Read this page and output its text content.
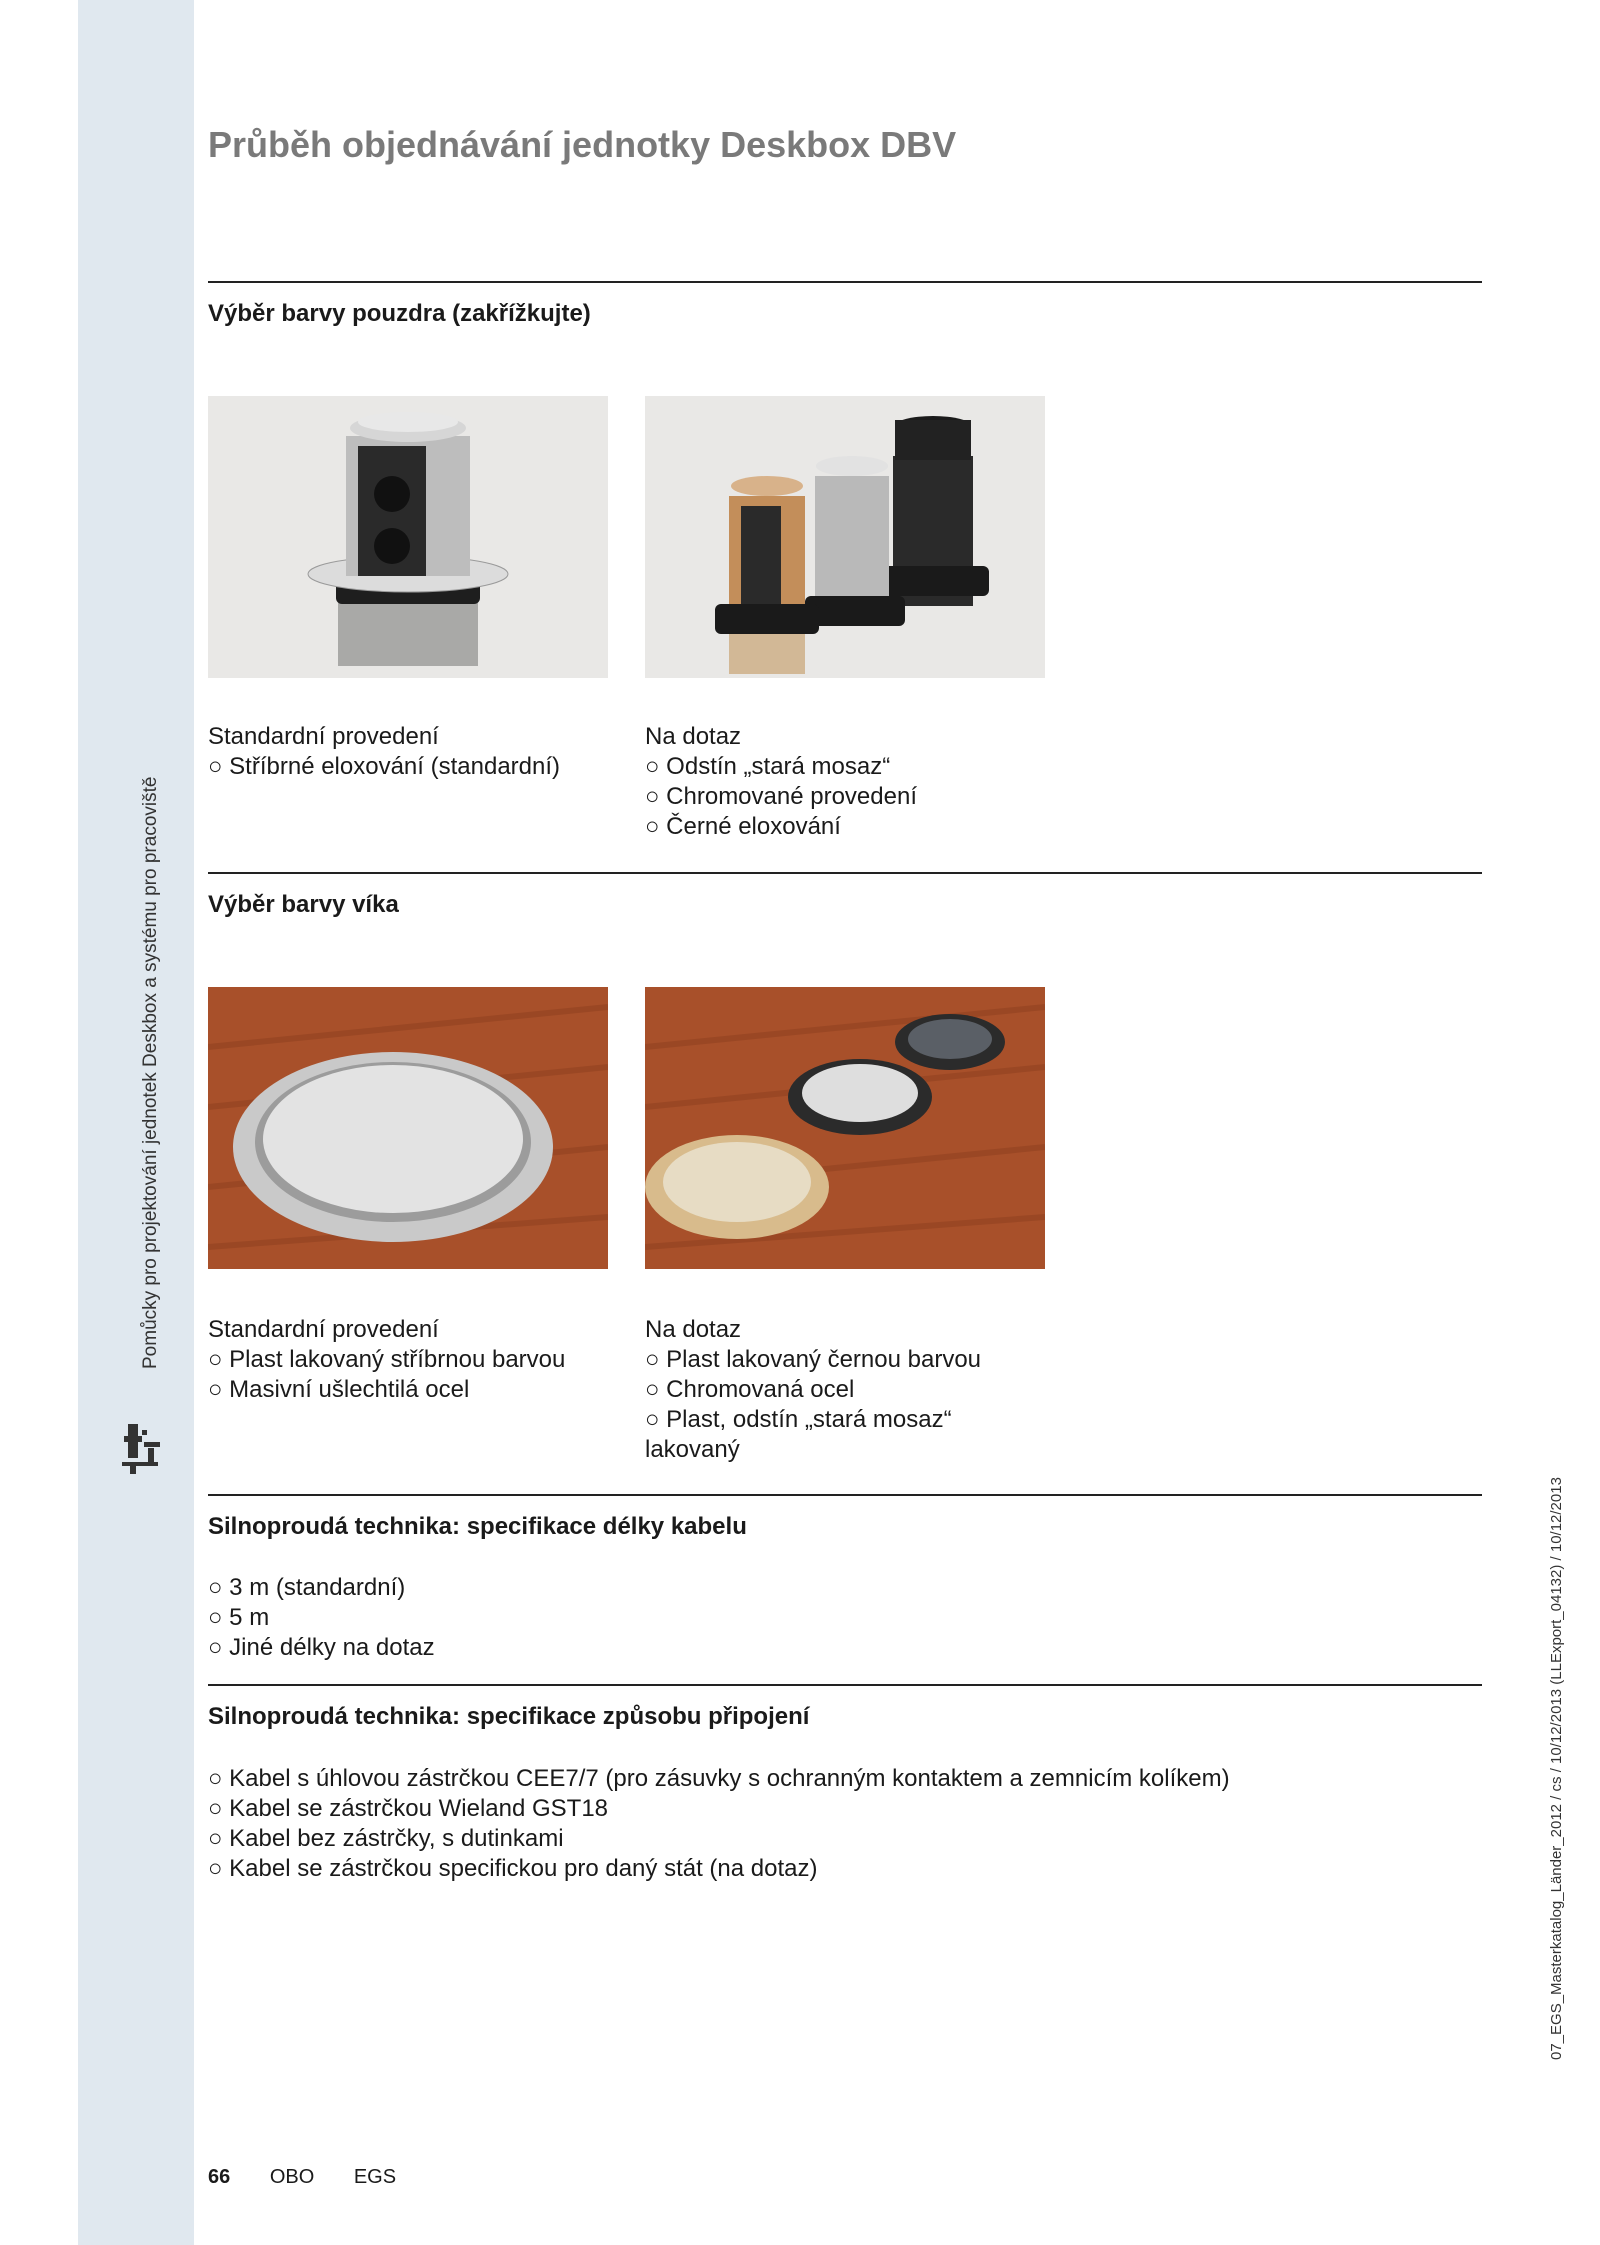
Pomůcky pro projektování jednotek Deskbox a systému pro pracoviště
07_EGS_Masterkatalog_Länder_2012 / cs / 10/12/2013 (LLExport_04132) / 10/12/2013
Průběh objednávání jednotky Deskbox DBV
Výběr barvy pouzdra (zakřížkujte)
Standardní provedení
○ Stříbrné eloxování (standardní)
Na dotaz
○ Odstín „stará mosaz“
○ Chromované provedení
○ Černé eloxování
Výběr barvy víka
Standardní provedení
○ Plast lakovaný stříbrnou barvou
○ Masivní ušlechtilá ocel
Na dotaz
○ Plast lakovaný černou barvou
○ Chromovaná ocel
○ Plast, odstín „stará mosaz“
lakovaný
Silnoproudá technika: specifikace délky kabelu
○ 3 m (standardní)
○ 5 m
○ Jiné délky na dotaz
Silnoproudá technika: specifikace způsobu připojení
○ Kabel s úhlovou zástrčkou CEE7/7 (pro zásuvky s ochranným kontaktem a zemnicím kolíkem)
○ Kabel se zástrčkou Wieland GST18
○ Kabel bez zástrčky, s dutinkami
○ Kabel se zástrčkou specifickou pro daný stát (na dotaz)
66 OBO EGS
